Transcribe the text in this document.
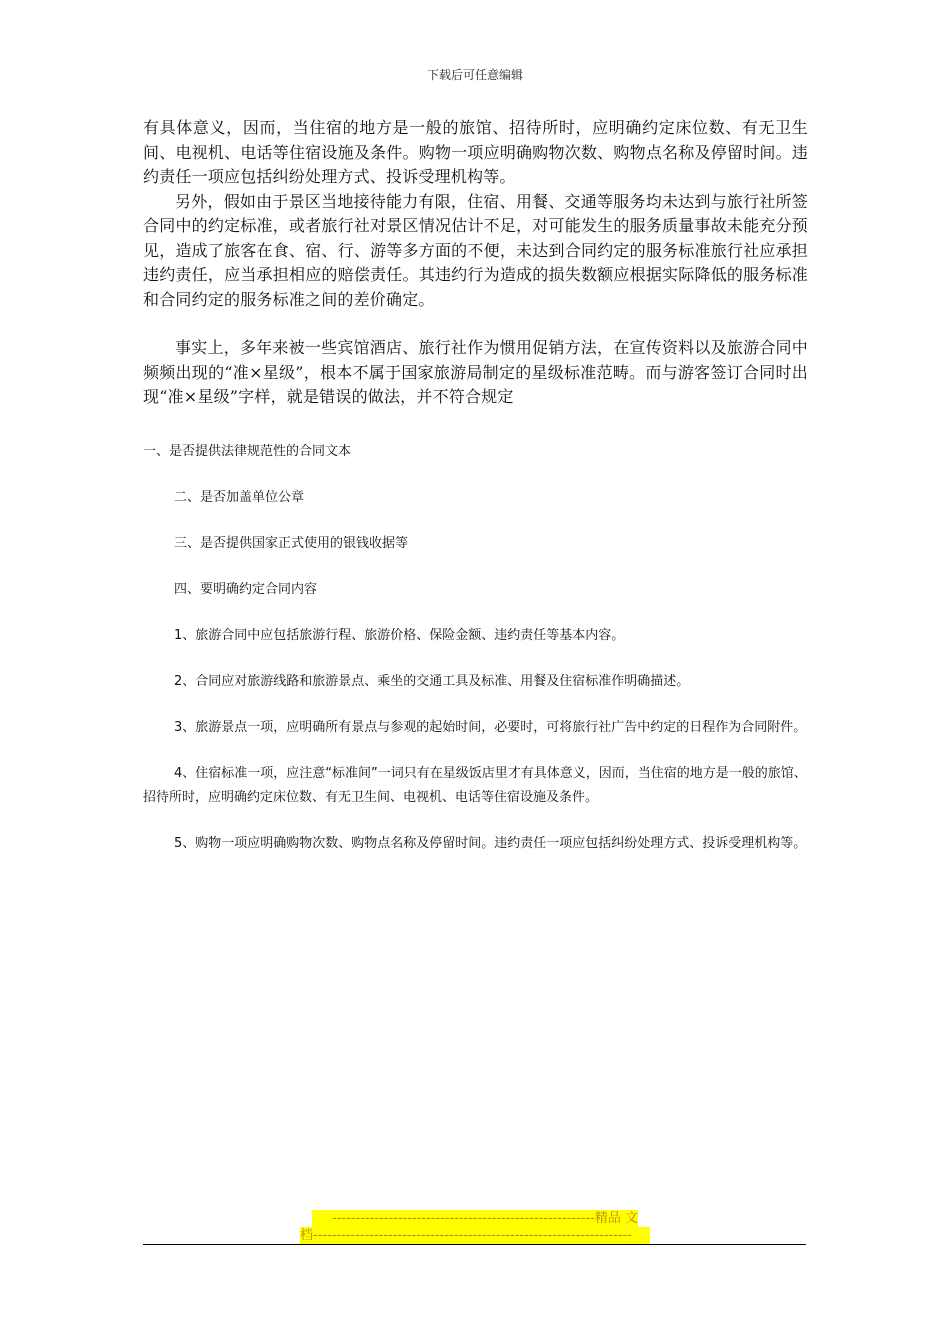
下载后可任意编辑

有具体意义，因而，当住宿的地方是一般的旅馆、招待所时，应明确约定床位数、有无卫生间、电视机、电话等住宿设施及条件。购物一项应明确购物次数、购物点名称及停留时间。违约责任一项应包括纠纷处理方式、投诉受理机构等。

另外，假如由于景区当地接待能力有限，住宿、用餐、交通等服务均未达到与旅行社所签合同中的约定标准，或者旅行社对景区情况估计不足，对可能发生的服务质量事故未能充分预见，造成了旅客在食、宿、行、游等多方面的不便，未达到合同约定的服务标准旅行社应承担违约责任，应当承担相应的赔偿责任。其违约行为造成的损失数额应根据实际降低的服务标准和合同约定的服务标准之间的差价确定。

事实上，多年来被一些宾馆酒店、旅行社作为惯用促销方法，在宣传资料以及旅游合同中频频出现的“准×星级”，根本不属于国家旅游局制定的星级标准范畴。而与游客签订合同时出现“准×星级”字样，就是错误的做法，并不符合规定

一、是否提供法律规范性的合同文本

二、是否加盖单位公章

三、是否提供国家正式使用的银钱收据等

四、要明确约定合同内容

1、旅游合同中应包括旅游行程、旅游价格、保险金额、违约责任等基本内容。

2、合同应对旅游线路和旅游景点、乘坐的交通工具及标准、用餐及住宿标准作明确描述。

3、旅游景点一项，应明确所有景点与参观的起始时间，必要时，可将旅行社广告中约定的日程作为合同附件。

4、住宿标准一项，应注意“标准间”一词只有在星级饭店里才有具体意义，因而，当住宿的地方是一般的旅馆、招待所时，应明确约定床位数、有无卫生间、电视机、电话等住宿设施及条件。

5、购物一项应明确购物次数、购物点名称及停留时间。违约责任一项应包括纠纷处理方式、投诉受理机构等。

--------------------------------------------------------精品 文
档--------------------------------------------------------------------
